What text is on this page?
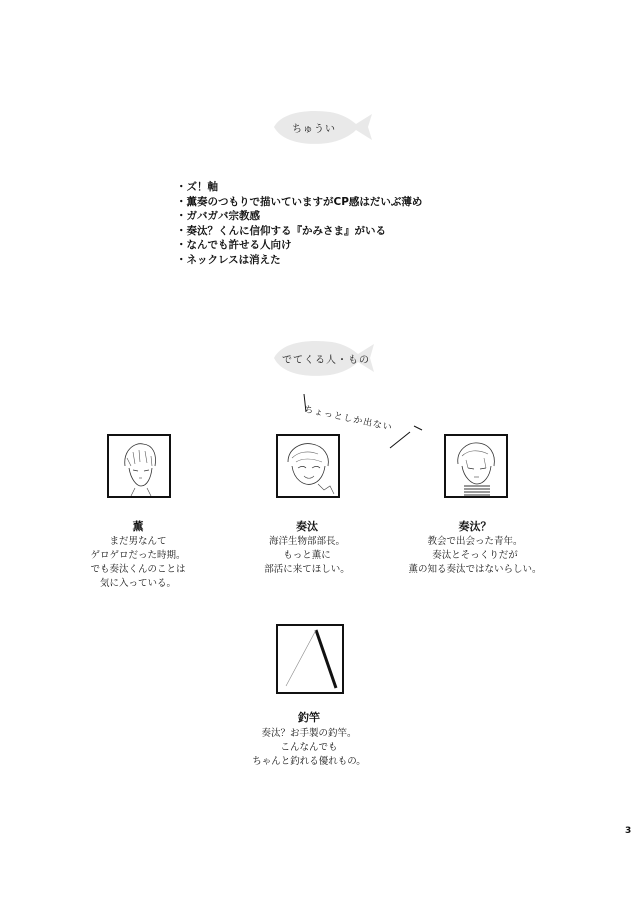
ちゅうい
・ズ！軸
・薫奏のつもりで描いていますがCP感はだいぶ薄め
・ガバガバ宗教感
・奏汰？くんに信仰する『かみさま』がいる
・なんでも許せる人向け
・ネックレスは消えた
でてくる人・もの
ちょっとしか出ない
薫
まだ男なんて
ゲロゲロだった時期。
でも奏汰くんのことは
気に入っている。
奏汰
海洋生物部部長。
もっと薫に
部活に来てほしい。
奏汰？
教会で出会った青年。
奏汰とそっくりだが
薫の知る奏汰ではないらしい。
釣竿
奏汰？お手製の釣竿。
こんなんでも
ちゃんと釣れる優れもの。
3
